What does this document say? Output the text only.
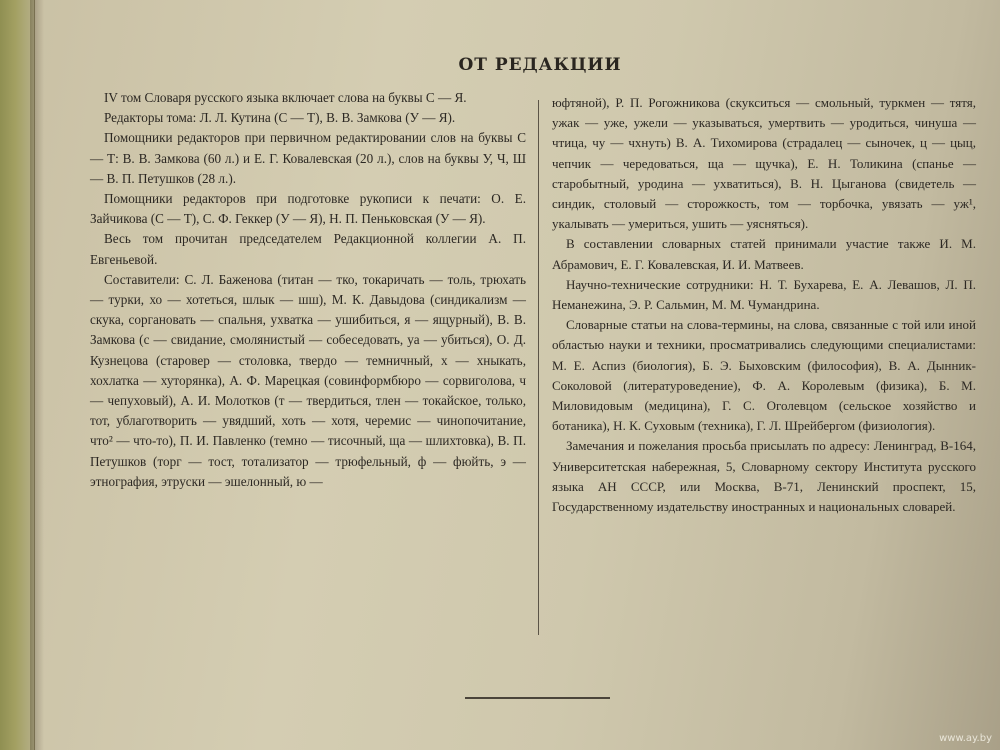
ОТ РЕДАКЦИИ

IV том Словаря русского языка включает слова на буквы С — Я.

Редакторы тома: Л. Л. Кутина (С — Т), В. В. Замкова (У — Я).

Помощники редакторов при первичном редактировании слов на буквы С — Т: В. В. Замкова (60 л.) и Е. Г. Ковалевская (20 л.), слов на буквы У, Ч, Ш — В. П. Петушков (28 л.).

Помощники редакторов при подготовке рукописи к печати: О. Е. Зайчикова (С — Т), С. Ф. Геккер (У — Я), Н. П. Пеньковская (У — Я).

Весь том прочитан председателем Редакционной коллегии А. П. Евгеньевой.

Составители: С. Л. Баженова (титан — тко, токаричать — толь, трюхать — турки, хо — хотеться, шлык — шш), М. К. Давыдова (синдикализм — скука, соргановать — спальня, ухватка — ушибиться, я — ящурный), В. В. Замкова (с — свидание, смолянистый — собеседовать, уа — убиться), О. Д. Кузнецова (старовер — столовка, твердо — темничный, х — хныкать, хохлатка — хуторянка), А. Ф. Марецкая (совинформбюро — сорвиголова, ч — чепуховый), А. И. Молотков (т — твердиться, тлен — токайское, только, тот, ублаготворить — увядший, хоть — хотя, черемис — чинопочитание, что² — что-то), П. И. Павленко (темно — тисочный, ща — шлихтовка), В. П. Петушков (торг — тост, тотализатор — трюфельный, ф — фюйть, э — этнография, этруски — эшелонный, ю —

юфтяной), Р. П. Рогожникова (скукситься — смольный, туркмен — тятя, ужак — уже, ужели — указываться, умертвить — уродиться, чинуша — чтица, чу — чхнуть) В. А. Тихомирова (страдалец — сыночек, ц — цыц, чепчик — чередоваться, ща — щучка), Е. Н. Толикина (спанье — старобытный, уродина — ухватиться), В. Н. Цыганова (свидетель — синдик, столовый — сторожкость, том — торбочка, увязать — уж¹, укалывать — умериться, ушить — уясняться).

В составлении словарных статей принимали участие также И. М. Абрамович, Е. Г. Ковалевская, И. И. Матвеев.

Научно-технические сотрудники: Н. Т. Бухарева, Е. А. Левашов, Л. П. Неманежина, Э. Р. Сальмин, М. М. Чумандрина.

Словарные статьи на слова-термины, на слова, связанные с той или иной областью науки и техники, просматривались следующими специалистами: М. Е. Аспиз (биология), Б. Э. Быховским (философия), В. А. Дынник-Соколовой (литературоведение), Ф. А. Королевым (физика), Б. М. Миловидовым (медицина), Г. С. Оголевцом (сельское хозяйство и ботаника), Н. К. Суховым (техника), Г. Л. Шрейбергом (физиология).

Замечания и пожелания просьба присылать по адресу: Ленинград, В-164, Университетская набережная, 5, Словарному сектору Института русского языка АН СССР, или Москва, В-71, Ленинский проспект, 15, Государственному издательству иностранных и национальных словарей.

www.ay.by
